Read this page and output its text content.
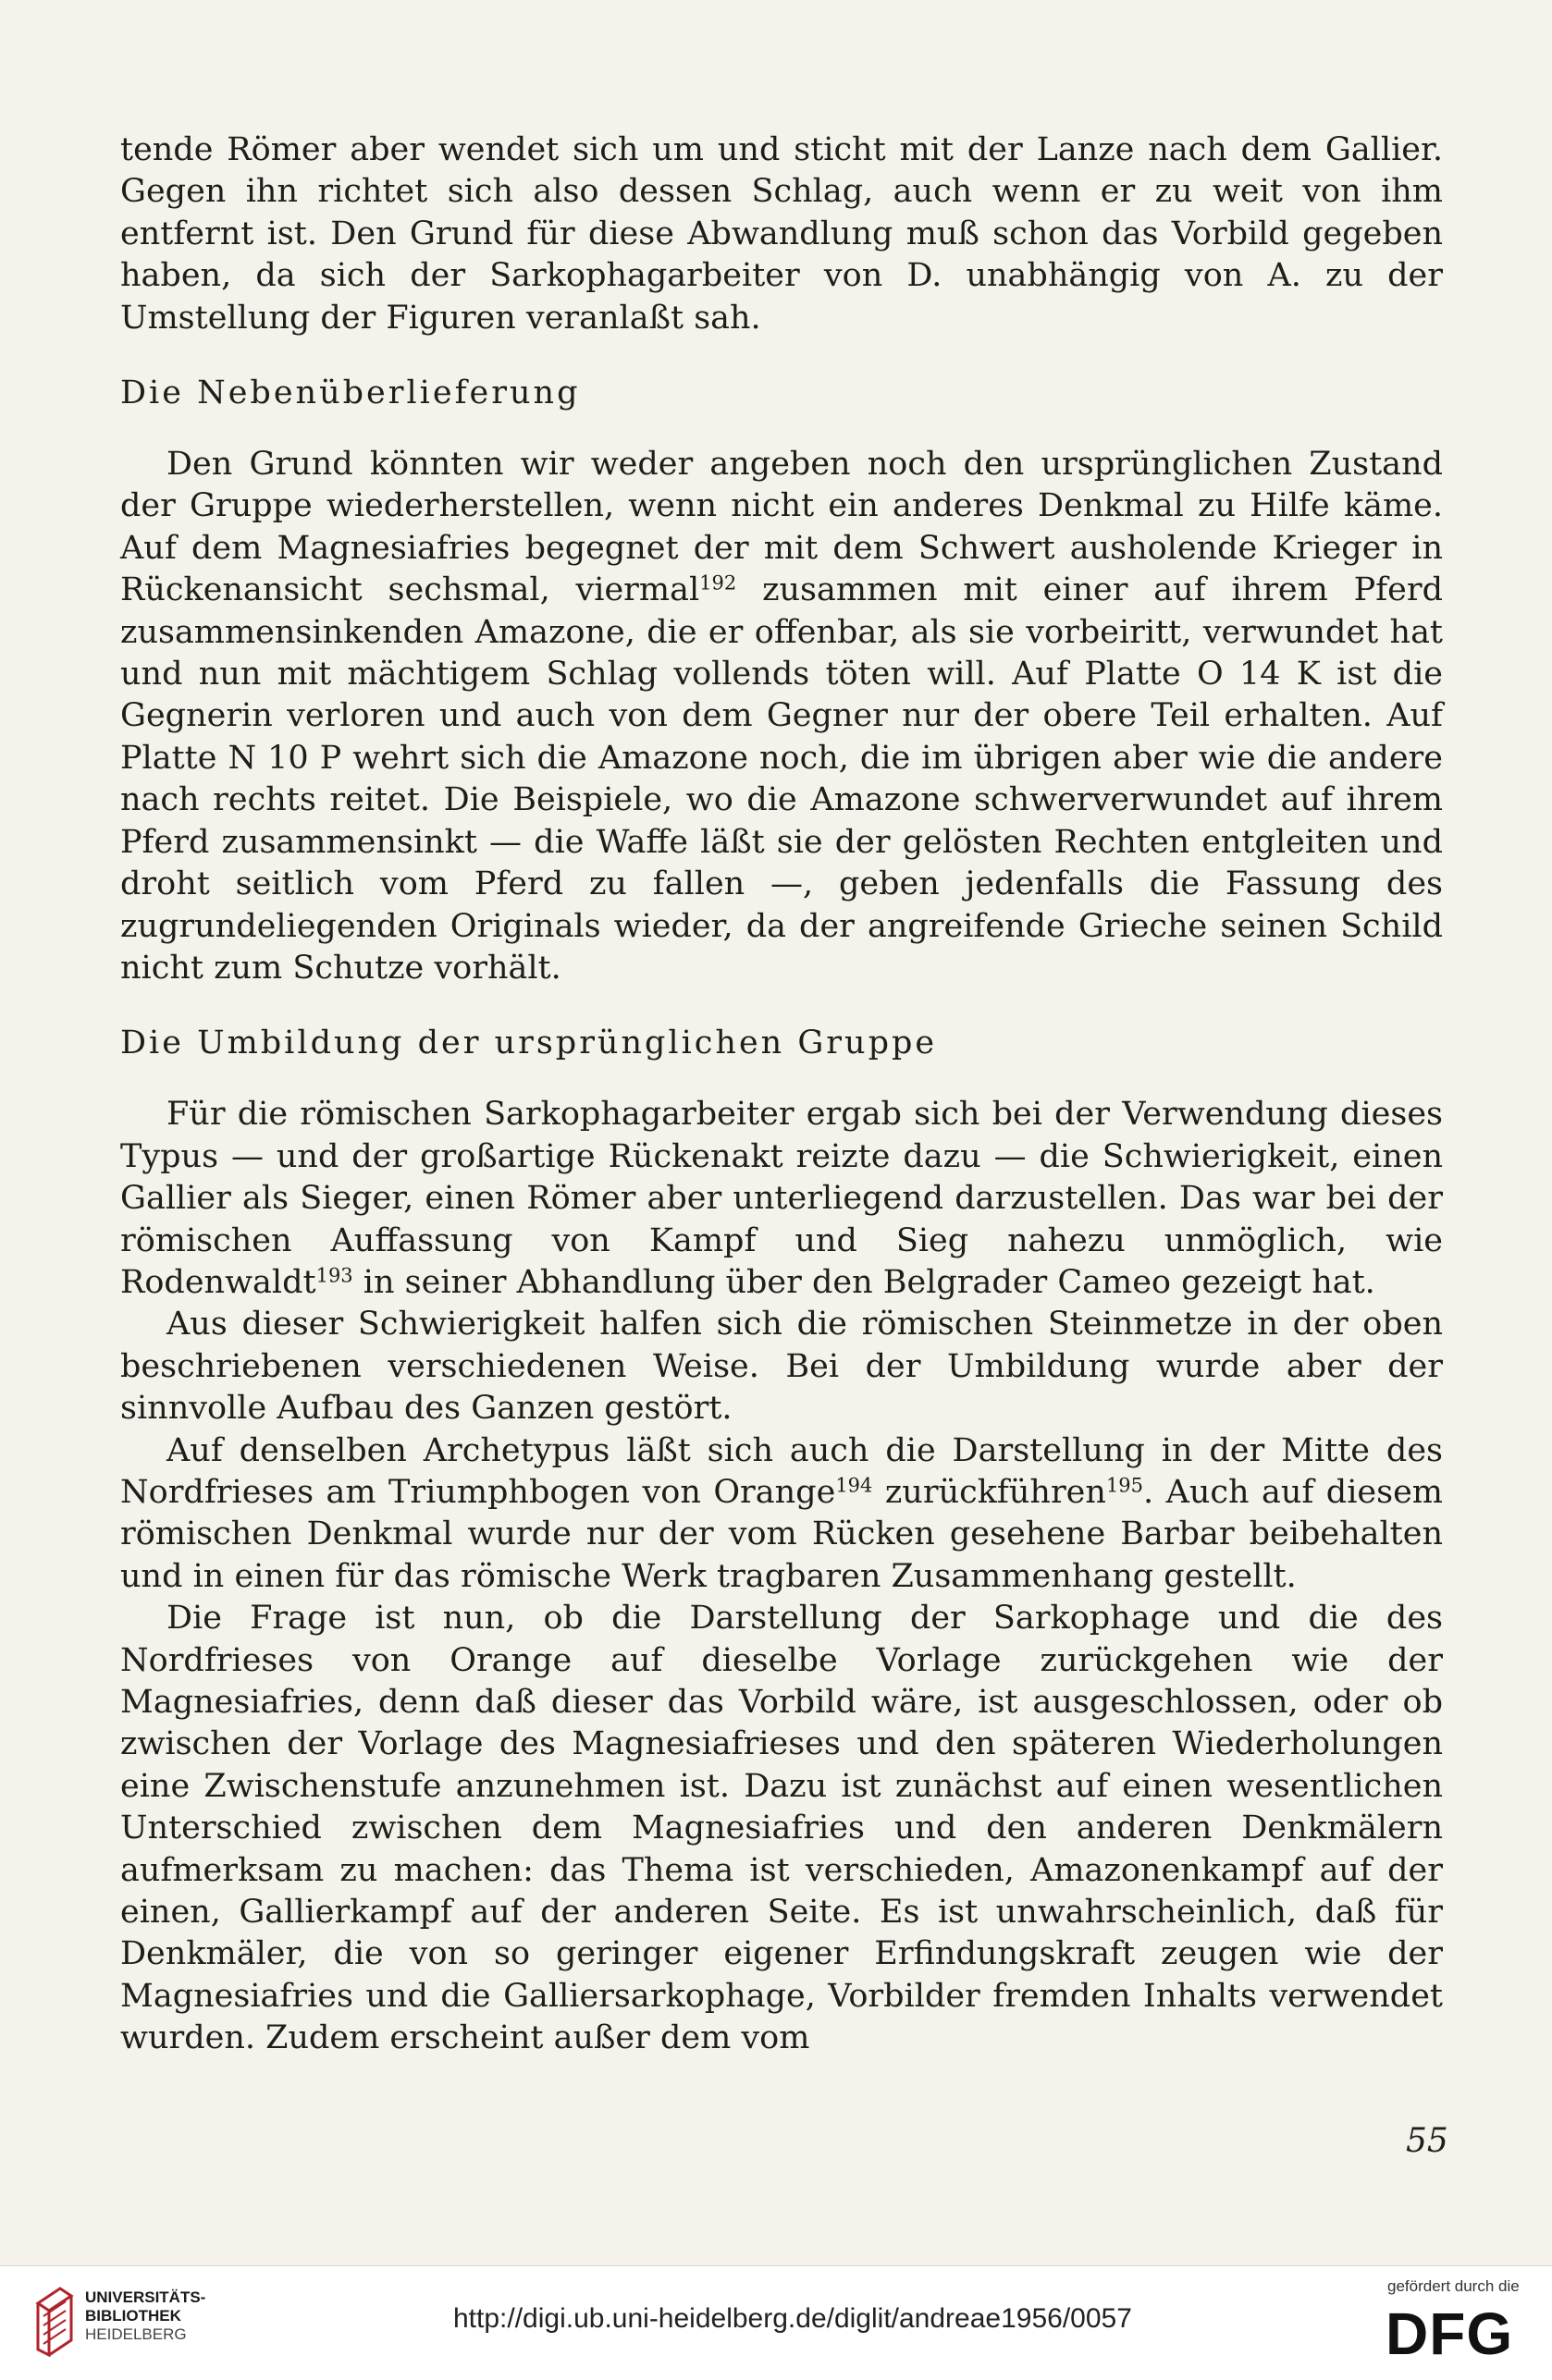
tende Römer aber wendet sich um und sticht mit der Lanze nach dem Gallier. Gegen ihn richtet sich also dessen Schlag, auch wenn er zu weit von ihm entfernt ist. Den Grund für diese Abwandlung muß schon das Vorbild gegeben haben, da sich der Sarkophagarbeiter von D. unabhängig von A. zu der Umstellung der Figuren veranlaßt sah.

Die Nebenüberlieferung

Den Grund könnten wir weder angeben noch den ursprünglichen Zustand der Gruppe wiederherstellen, wenn nicht ein anderes Denkmal zu Hilfe käme. Auf dem Magnesiafries begegnet der mit dem Schwert ausholende Krieger in Rückenansicht sechsmal, viermal$^{192}$ zusammen mit einer auf ihrem Pferd zusammensinkenden Amazone, die er offenbar, als sie vorbeiritt, verwundet hat und nun mit mächtigem Schlag vollends töten will. Auf Platte O 14 K ist die Gegnerin verloren und auch von dem Gegner nur der obere Teil erhalten. Auf Platte N 10 P wehrt sich die Amazone noch, die im übrigen aber wie die andere nach rechts reitet. Die Beispiele, wo die Amazone schwerverwundet auf ihrem Pferd zusammensinkt — die Waffe läßt sie der gelösten Rechten entgleiten und droht seitlich vom Pferd zu fallen —, geben jedenfalls die Fassung des zugrundeliegenden Originals wieder, da der angreifende Grieche seinen Schild nicht zum Schutze vorhält.

Die Umbildung der ursprünglichen Gruppe

Für die römischen Sarkophagarbeiter ergab sich bei der Verwendung dieses Typus — und der großartige Rückenakt reizte dazu — die Schwierigkeit, einen Gallier als Sieger, einen Römer aber unterliegend darzustellen. Das war bei der römischen Auffassung von Kampf und Sieg nahezu unmöglich, wie Rodenwaldt$^{193}$ in seiner Abhandlung über den Belgrader Cameo gezeigt hat.

Aus dieser Schwierigkeit halfen sich die römischen Steinmetze in der oben beschriebenen verschiedenen Weise. Bei der Umbildung wurde aber der sinnvolle Aufbau des Ganzen gestört.

Auf denselben Archetypus läßt sich auch die Darstellung in der Mitte des Nordfrieses am Triumphbogen von Orange$^{194}$ zurückführen$^{195}$. Auch auf diesem römischen Denkmal wurde nur der vom Rücken gesehene Barbar beibehalten und in einen für das römische Werk tragbaren Zusammenhang gestellt.

Die Frage ist nun, ob die Darstellung der Sarkophage und die des Nordfrieses von Orange auf dieselbe Vorlage zurückgehen wie der Magnesiafries, denn daß dieser das Vorbild wäre, ist ausgeschlossen, oder ob zwischen der Vorlage des Magnesiafrieses und den späteren Wiederholungen eine Zwischenstufe anzunehmen ist. Dazu ist zunächst auf einen wesentlichen Unterschied zwischen dem Magnesiafries und den anderen Denkmälern aufmerksam zu machen: das Thema ist verschieden, Amazonenkampf auf der einen, Gallierkampf auf der anderen Seite. Es ist unwahrscheinlich, daß für Denkmäler, die von so geringer eigener Erfindungskraft zeugen wie der Magnesiafries und die Galliersarkophage, Vorbilder fremden Inhalts verwendet wurden. Zudem erscheint außer dem vom

55
UNIVERSITÄTS-
BIBLIOTHEK
HEIDELBERG
http://digi.ub.uni-heidelberg.de/diglit/andreae1956/0057
gefördert durch die
DFG
